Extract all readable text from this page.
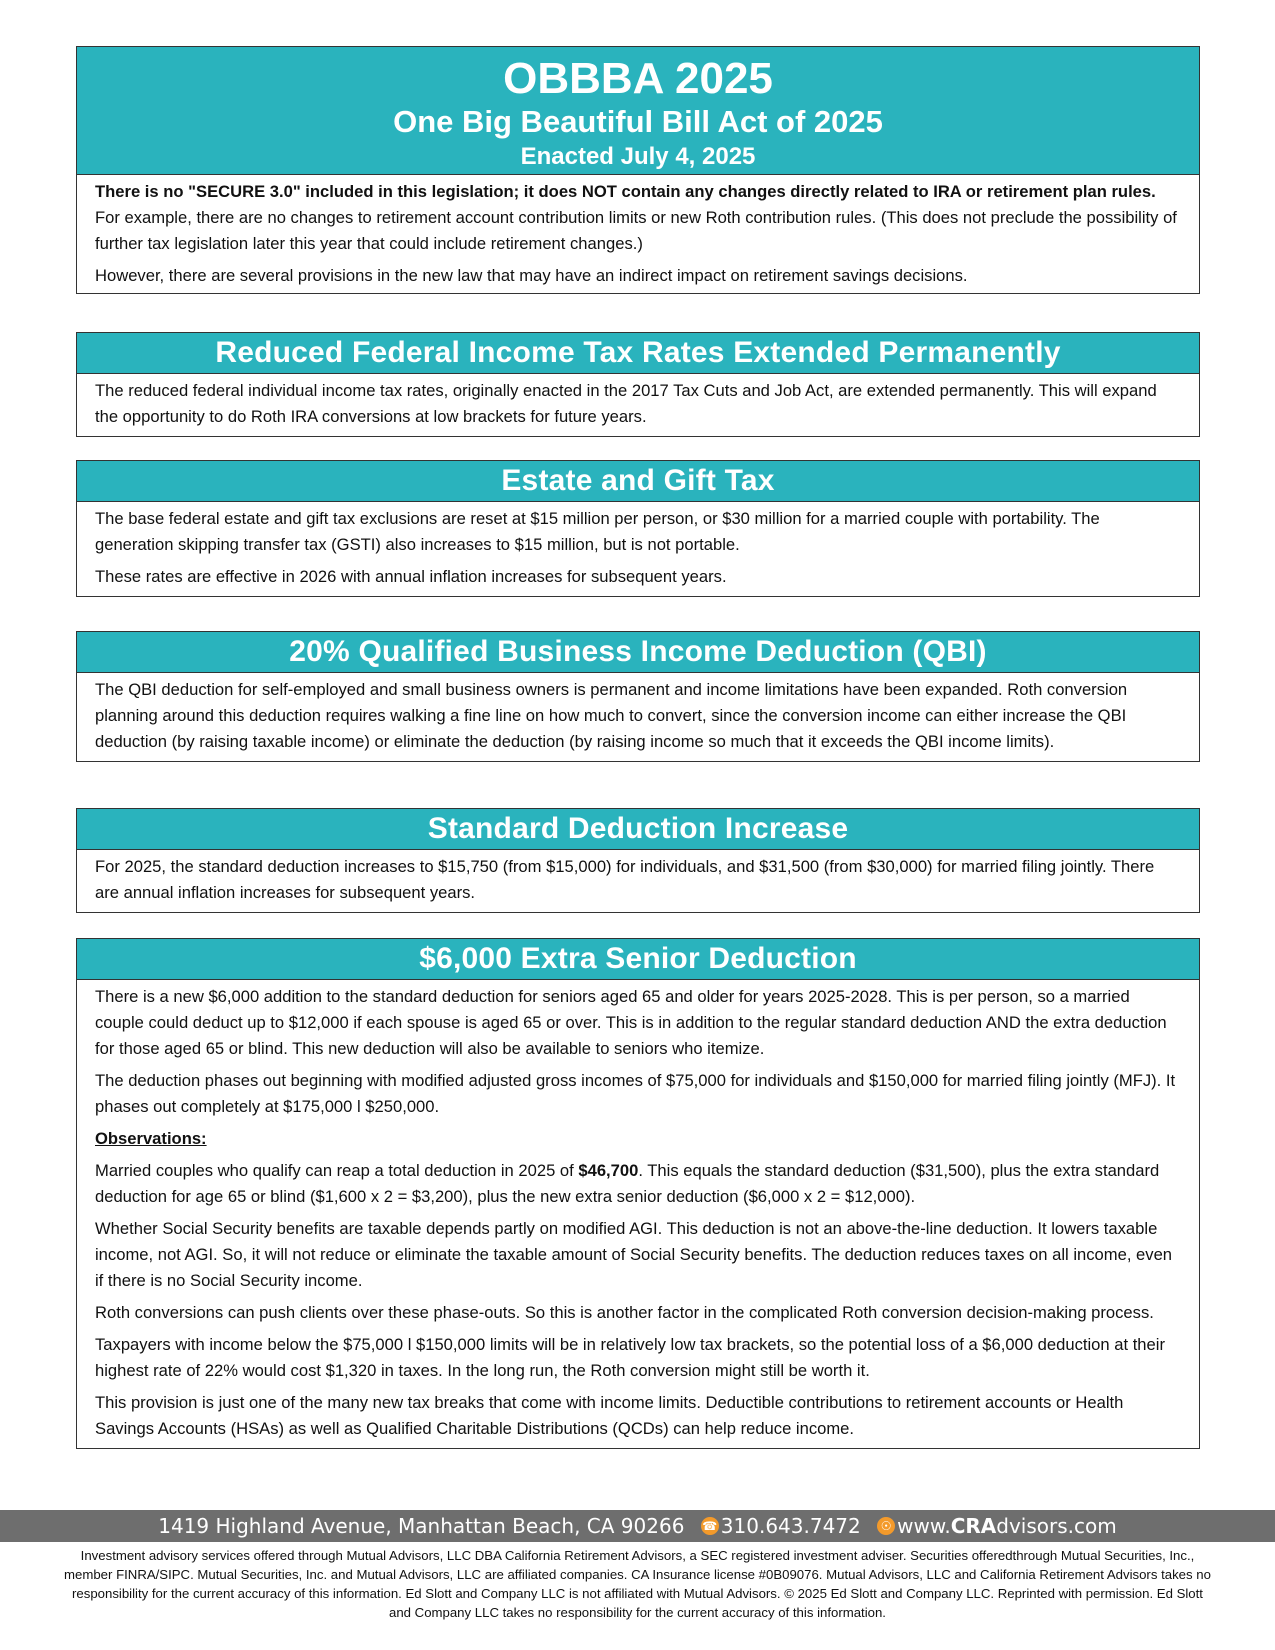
OBBBA 2025
One Big Beautiful Bill Act of 2025
Enacted July 4, 2025

There is no "SECURE 3.0" included in this legislation; it does NOT contain any changes directly related to IRA or retirement plan rules. For example, there are no changes to retirement account contribution limits or new Roth contribution rules. (This does not preclude the possibility of further tax legislation later this year that could include retirement changes.)

However, there are several provisions in the new law that may have an indirect impact on retirement savings decisions.

Reduced Federal Income Tax Rates Extended Permanently

The reduced federal individual income tax rates, originally enacted in the 2017 Tax Cuts and Job Act, are extended permanently. This will expand the opportunity to do Roth IRA conversions at low brackets for future years.

Estate and Gift Tax

The base federal estate and gift tax exclusions are reset at $15 million per person, or $30 million for a married couple with portability. The generation skipping transfer tax (GSTI) also increases to $15 million, but is not portable.

These rates are effective in 2026 with annual inflation increases for subsequent years.

20% Qualified Business Income Deduction (QBI)

The QBI deduction for self-employed and small business owners is permanent and income limitations have been expanded. Roth conversion planning around this deduction requires walking a fine line on how much to convert, since the conversion income can either increase the QBI deduction (by raising taxable income) or eliminate the deduction (by raising income so much that it exceeds the QBI income limits).

Standard Deduction Increase

For 2025, the standard deduction increases to $15,750 (from $15,000) for individuals, and $31,500 (from $30,000) for married filing jointly. There are annual inflation increases for subsequent years.

$6,000 Extra Senior Deduction

There is a new $6,000 addition to the standard deduction for seniors aged 65 and older for years 2025-2028. This is per person, so a married couple could deduct up to $12,000 if each spouse is aged 65 or over. This is in addition to the regular standard deduction AND the extra deduction for those aged 65 or blind. This new deduction will also be available to seniors who itemize.

The deduction phases out beginning with modified adjusted gross incomes of $75,000 for individuals and $150,000 for married filing jointly (MFJ). It phases out completely at $175,000 l $250,000.

Observations:

Married couples who qualify can reap a total deduction in 2025 of $46,700. This equals the standard deduction ($31,500), plus the extra standard deduction for age 65 or blind ($1,600 x 2 = $3,200), plus the new extra senior deduction ($6,000 x 2 = $12,000).

Whether Social Security benefits are taxable depends partly on modified AGI. This deduction is not an above-the-line deduction. It lowers taxable income, not AGI. So, it will not reduce or eliminate the taxable amount of Social Security benefits. The deduction reduces taxes on all income, even if there is no Social Security income.

Roth conversions can push clients over these phase-outs. So this is another factor in the complicated Roth conversion decision-making process.

Taxpayers with income below the $75,000 l $150,000 limits will be in relatively low tax brackets, so the potential loss of a $6,000 deduction at their highest rate of 22% would cost $1,320 in taxes. In the long run, the Roth conversion might still be worth it.

This provision is just one of the many new tax breaks that come with income limits. Deductible contributions to retirement accounts or Health Savings Accounts (HSAs) as well as Qualified Charitable Distributions (QCDs) can help reduce income.

1419 Highland Avenue, Manhattan Beach, CA 90266 ☎ 310.643.7472 ☉ www.CRAdvisors.com
Investment advisory services offered through Mutual Advisors, LLC DBA California Retirement Advisors, a SEC registered investment adviser. Securities offeredthrough Mutual Securities, Inc., member FINRA/SIPC. Mutual Securities, Inc. and Mutual Advisors, LLC are affiliated companies. CA Insurance license #0B09076. Mutual Advisors, LLC and California Retirement Advisors takes no responsibility for the current accuracy of this information. Ed Slott and Company LLC is not affiliated with Mutual Advisors. © 2025 Ed Slott and Company LLC. Reprinted with permission. Ed Slott and Company LLC takes no responsibility for the current accuracy of this information.
